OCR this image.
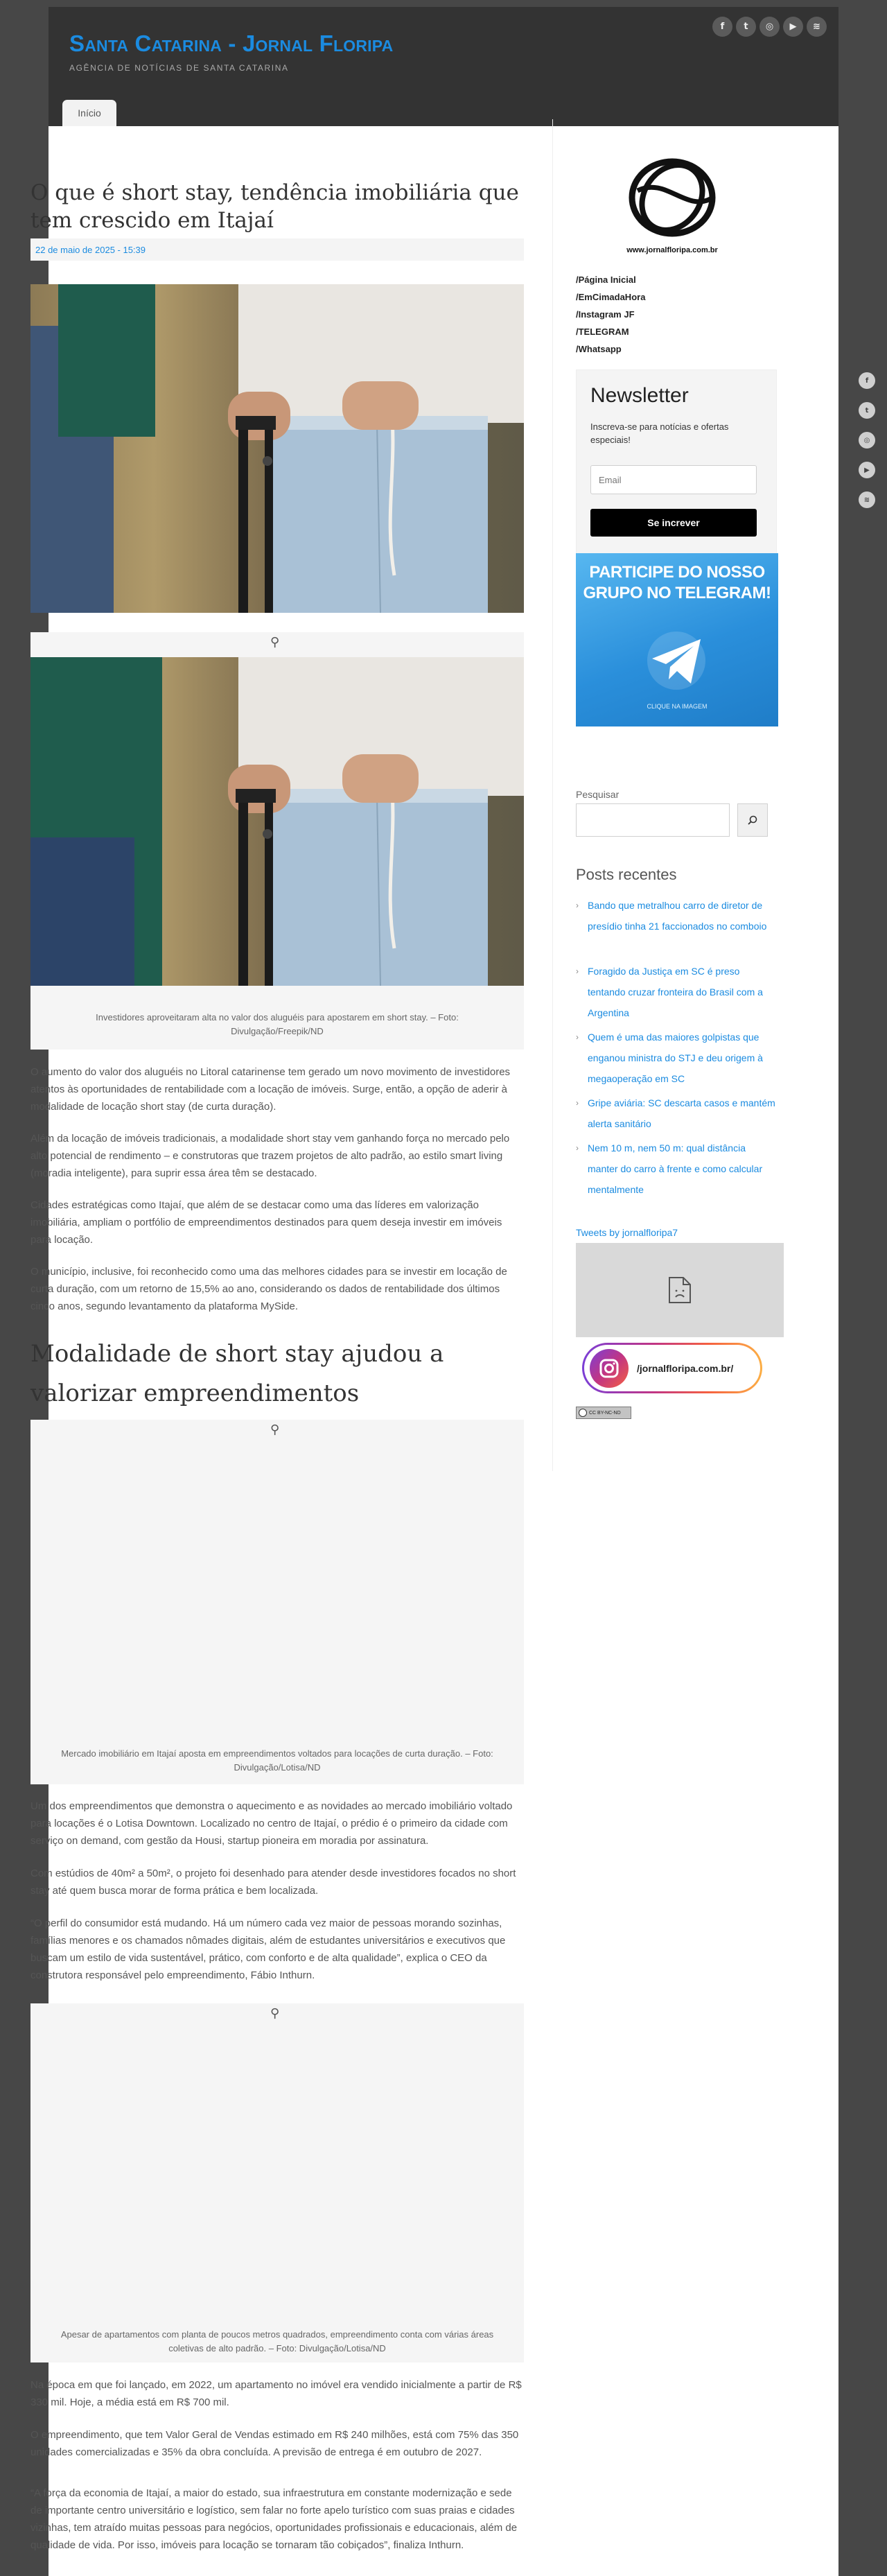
Santa Catarina - Jornal Floripa
AGÊNCIA DE NOTÍCIAS DE SANTA CATARINA
f	t	◎	▶	≋
Início
O que é short stay, tendência imobiliária que tem crescido em Itajaí
22 de maio de 2025 - 15:39
⚲
Investidores aproveitaram alta no valor dos aluguéis para apostarem em short stay. – Foto: Divulgação/Freepik/ND
O aumento do valor dos aluguéis no Litoral catarinense tem gerado um novo movimento de investidores atentos às oportunidades de rentabilidade com a locação de imóveis. Surge, então, a opção de aderir à modalidade de locação short stay (de curta duração).
Além da locação de imóveis tradicionais, a modalidade short stay vem ganhando força no mercado pelo alto potencial de rendimento – e construtoras que trazem projetos de alto padrão, ao estilo smart living (moradia inteligente), para suprir essa área têm se destacado.
Cidades estratégicas como Itajaí, que além de se destacar como uma das líderes em valorização imobiliária, ampliam o portfólio de empreendimentos destinados para quem deseja investir em imóveis para locação.
O município, inclusive, foi reconhecido como uma das melhores cidades para se investir em locação de curta duração, com um retorno de 15,5% ao ano, considerando os dados de rentabilidade dos últimos cinco anos, segundo levantamento da plataforma MySide.
Modalidade de short stay ajudou a valorizar empreendimentos
⚲
Mercado imobiliário em Itajaí aposta em empreendimentos voltados para locações de curta duração. – Foto: Divulgação/Lotisa/ND
Um dos empreendimentos que demonstra o aquecimento e as novidades ao mercado imobiliário voltado para locações é o Lotisa Downtown. Localizado no centro de Itajaí, o prédio é o primeiro da cidade com serviço on demand, com gestão da Housi, startup pioneira em moradia por assinatura.
Com estúdios de 40m² a 50m², o projeto foi desenhado para atender desde investidores focados no short stay até quem busca morar de forma prática e bem localizada.
“O perfil do consumidor está mudando. Há um número cada vez maior de pessoas morando sozinhas, famílias menores e os chamados nômades digitais, além de estudantes universitários e executivos que buscam um estilo de vida sustentável, prático, com conforto e de alta qualidade”, explica o CEO da construtora responsável pelo empreendimento, Fábio Inthurn.
⚲
Apesar de apartamentos com planta de poucos metros quadrados, empreendimento conta com várias áreas coletivas de alto padrão. – Foto: Divulgação/Lotisa/ND
Na época em que foi lançado, em 2022, um apartamento no imóvel era vendido inicialmente a partir de R$ 330 mil. Hoje, a média está em R$ 700 mil.
O empreendimento, que tem Valor Geral de Vendas estimado em R$ 240 milhões, está com 75% das 350 unidades comercializadas e 35% da obra concluída. A previsão de entrega é em outubro de 2027.
“A força da economia de Itajaí, a maior do estado, sua infraestrutura em constante modernização e sede de importante centro universitário e logístico, sem falar no forte apelo turístico com suas praias e cidades vizinhas, tem atraído muitas pessoas para negócios, oportunidades profissionais e educacionais, além de qualidade de vida. Por isso, imóveis para locação se tornaram tão cobiçados”, finaliza Inthurn.
www.jornalfloripa.com.br
/Página Inicial
/EmCimadaHora
/Instagram JF
/TELEGRAM
/Whatsapp
Newsletter
Inscreva-se para notícias e ofertas especiais!
Email
Se increver
PARTICIPE DO NOSSO GRUPO NO TELEGRAM!
CLIQUE NA IMAGEM
Pesquisar
Posts recentes
› Bando que metralhou carro de diretor de presídio tinha 21 faccionados no comboio
› Foragido da Justiça em SC é preso tentando cruzar fronteira do Brasil com a Argentina
› Quem é uma das maiores golpistas que enganou ministra do STJ e deu origem à megaoperação em SC
› Gripe aviária: SC descarta casos e mantém alerta sanitário
› Nem 10 m, nem 50 m: qual distância manter do carro à frente e como calcular mentalmente
Tweets by jornalfloripa7
/jornalfloripa.com.br/
CC BY-NC-ND
f
t
◎
▶
≋
